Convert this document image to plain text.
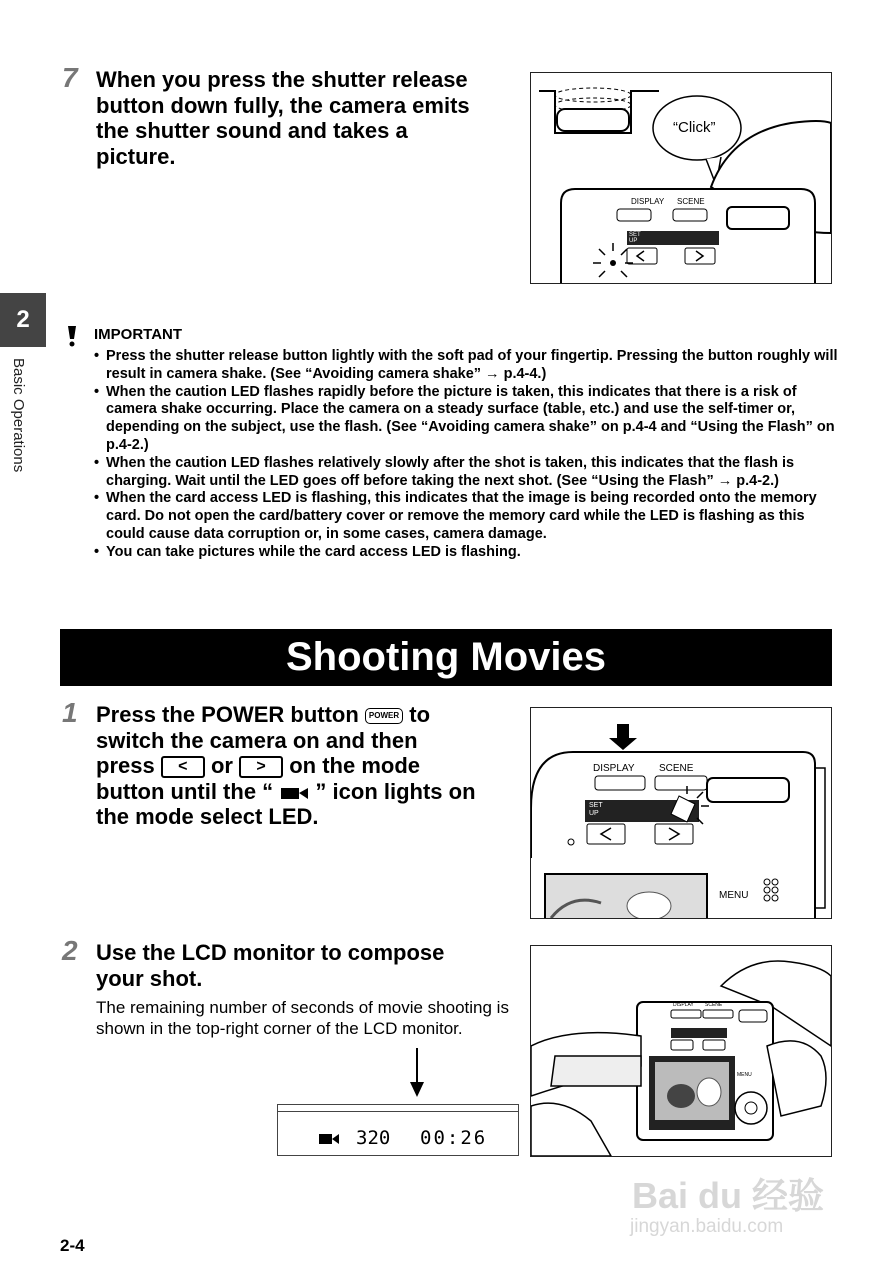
7 When you press the shutter release
button down fully, the camera emits
the shutter sound and takes a
picture.
“Click”
DISPLAY SCENE
SET UP
2
Basic Operations
IMPORTANT
• Press the shutter release button lightly with the soft pad of your fingertip. Pressing the button roughly will result in camera shake. (See “Avoiding camera shake” → p.4-4.)
• When the caution LED flashes rapidly before the picture is taken, this indicates that there is a risk of camera shake occurring. Place the camera on a steady surface (table, etc.) and use the self-timer or, depending on the subject, use the flash. (See “Avoiding camera shake” on p.4-4 and “Using the Flash” on p.4-2.)
• When the caution LED flashes relatively slowly after the shot is taken, this indicates that the flash is charging. Wait until the LED goes off before taking the next shot. (See “Using the Flash” → p.4-2.)
• When the card access LED is flashing, this indicates that the image is being recorded onto the memory card. Do not open the card/battery cover or remove the memory card while the LED is flashing as this could cause data corruption or, in some cases, camera damage.
• You can take pictures while the card access LED is flashing.
Shooting Movies
1 Press the POWER button POWER to
switch the camera on and then
press < or > on the mode
button until the “ ” icon lights on
the mode select LED.
DISPLAY SCENE
SET UP
MENU
2 Use the LCD monitor to compose
your shot.
The remaining number of seconds of movie shooting is shown in the top-right corner of the LCD monitor.
320 00:26
DISPLAY SCENE
MENU
2-4
Bai du 经验
jingyan.baidu.com
